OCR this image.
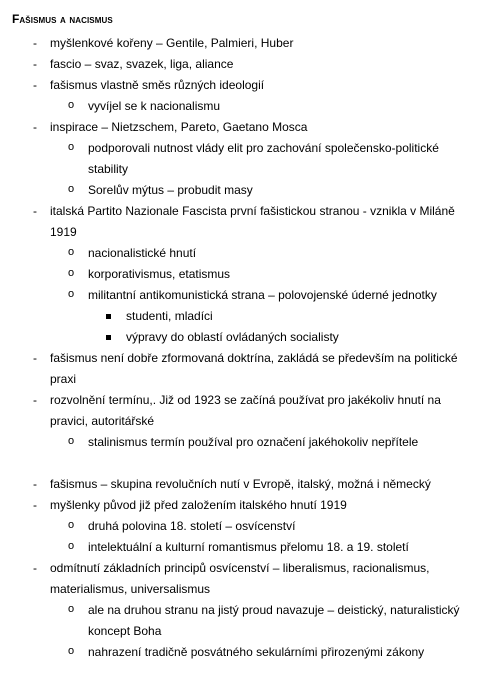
Fašismus a nacismus
- myšlenkové kořeny – Gentile, Palmieri, Huber
- fascio – svaz, svazek, liga, aliance
- fašismus vlastně směs různých ideologií
o vyvíjel se k nacionalismu
- inspirace – Nietzschem, Pareto, Gaetano Mosca
o podporovali nutnost vlády elit pro zachování společensko-politické stability
o Sorelův mýtus – probudit masy
- italská Partito Nazionale Fascista první fašistickou stranou - vznikla v Miláně 1919
o nacionalistické hnutí
o korporativismus, etatismus
o militantní antikomunistická strana – polovojenské úderné jednotky
studenti, mladíci
výpravy do oblastí ovládaných socialisty
- fašismus není dobře zformovaná doktrína, zakládá se především na politické praxi
- rozvolnění termínu,. Již od 1923 se začíná používat pro jakékoliv hnutí na pravici, autoritářské
o stalinismus termín používal pro označení jakéhokoliv nepřítele
- fašismus – skupina revolučních nutí v Evropě, italský, možná i německý
- myšlenky původ již před založením italského hnutí 1919
o druhá polovina 18. století – osvícenství
o intelektuální a kulturní romantismus přelomu 18. a 19. století
- odmítnutí základních principů osvícenství – liberalismus, racionalismus, materialismus, universalismus
o ale na druhou stranu na jistý proud navazuje – deistický, naturalistický koncept Boha
o nahrazení tradičně posvátného sekulárními přirozenými zákony
